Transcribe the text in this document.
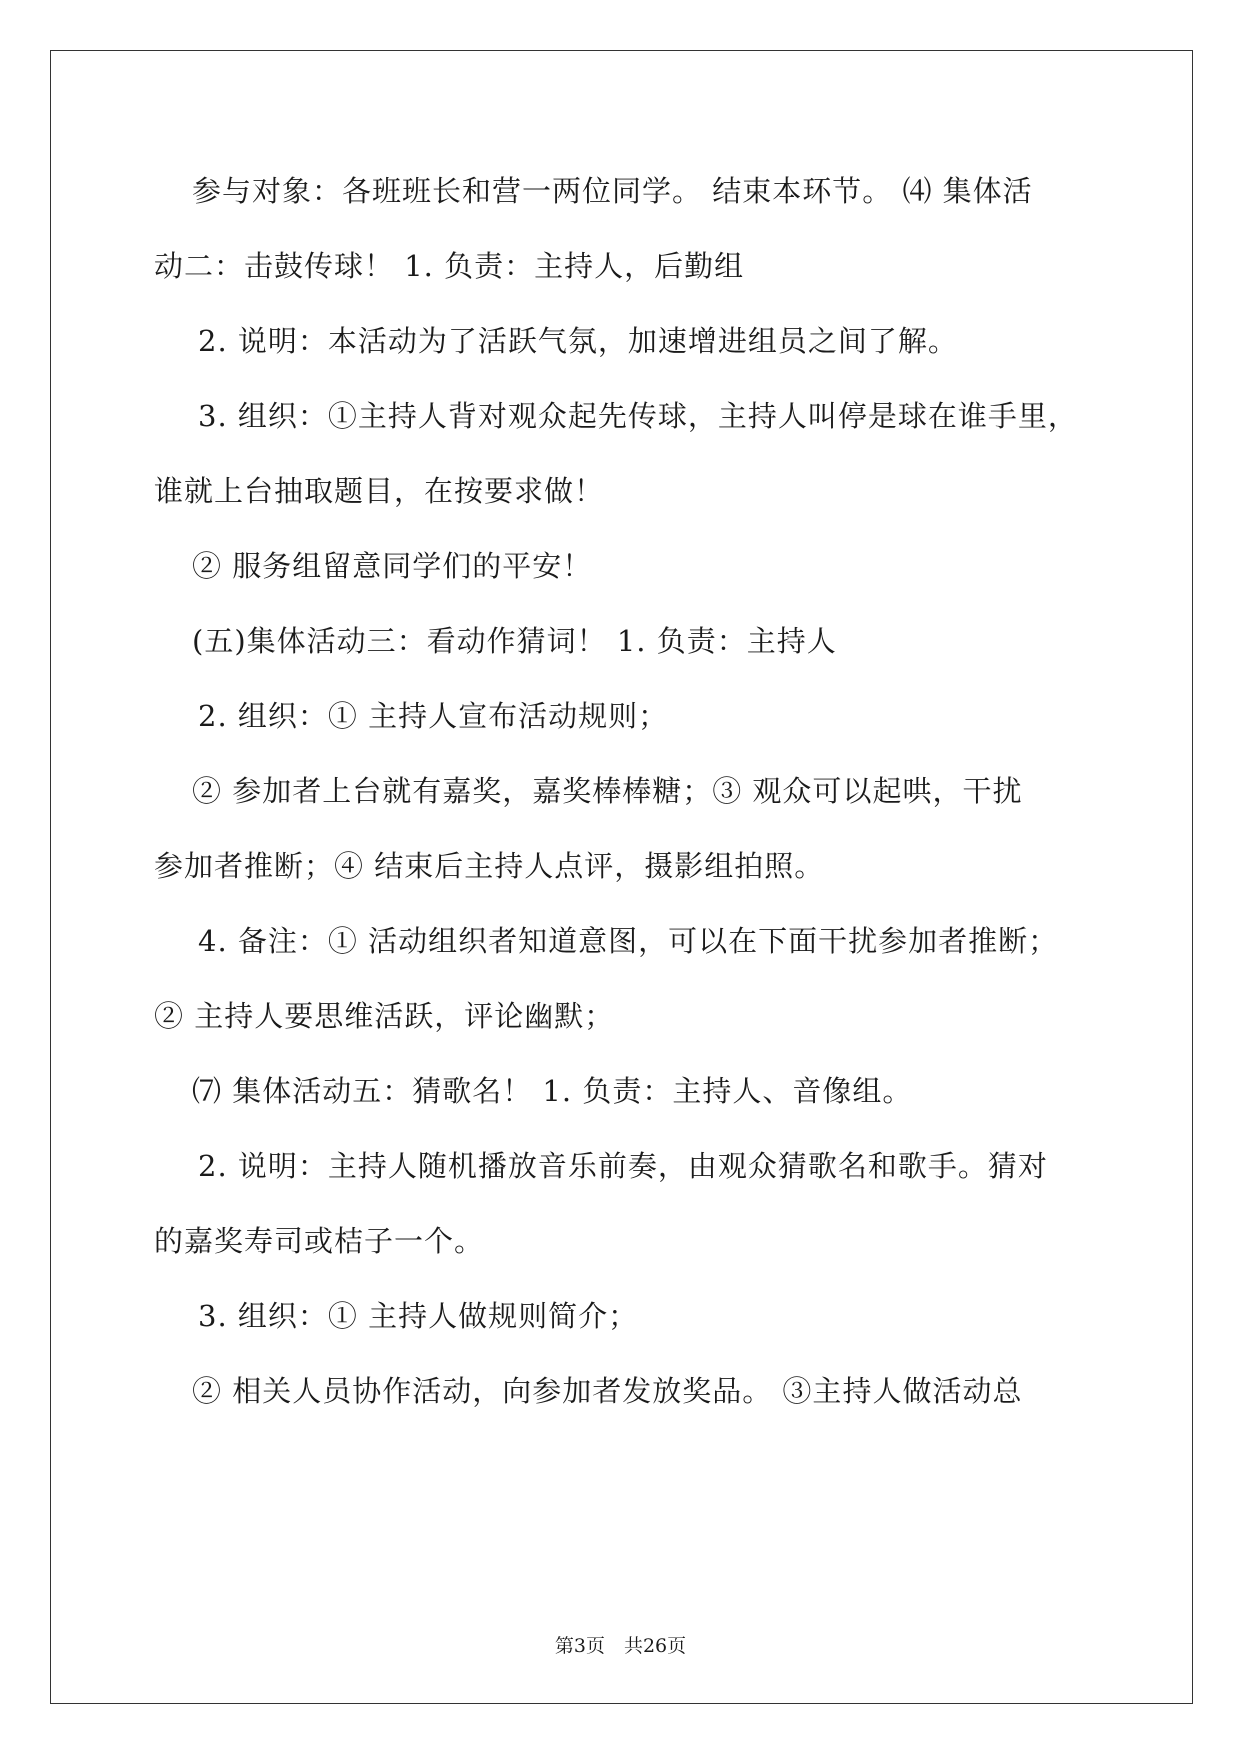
参与对象：各班班长和营一两位同学。 结束本环节。 ⑷ 集体活
动二：击鼓传球！ 1. 负责：主持人，后勤组
2. 说明：本活动为了活跃气氛，加速增进组员之间了解。
3. 组织：①主持人背对观众起先传球，主持人叫停是球在谁手里，
谁就上台抽取题目，在按要求做！
② 服务组留意同学们的平安！
(五)集体活动三：看动作猜词！ 1. 负责：主持人
2. 组织：① 主持人宣布活动规则；
② 参加者上台就有嘉奖，嘉奖棒棒糖；③ 观众可以起哄，干扰
参加者推断；④ 结束后主持人点评，摄影组拍照。
4. 备注：① 活动组织者知道意图，可以在下面干扰参加者推断；
② 主持人要思维活跃，评论幽默；
⑺ 集体活动五：猜歌名！ 1. 负责：主持人、音像组。
2. 说明：主持人随机播放音乐前奏，由观众猜歌名和歌手。猜对
的嘉奖寿司或桔子一个。
3. 组织：① 主持人做规则简介；
② 相关人员协作活动，向参加者发放奖品。 ③主持人做活动总
第3页　共26页
